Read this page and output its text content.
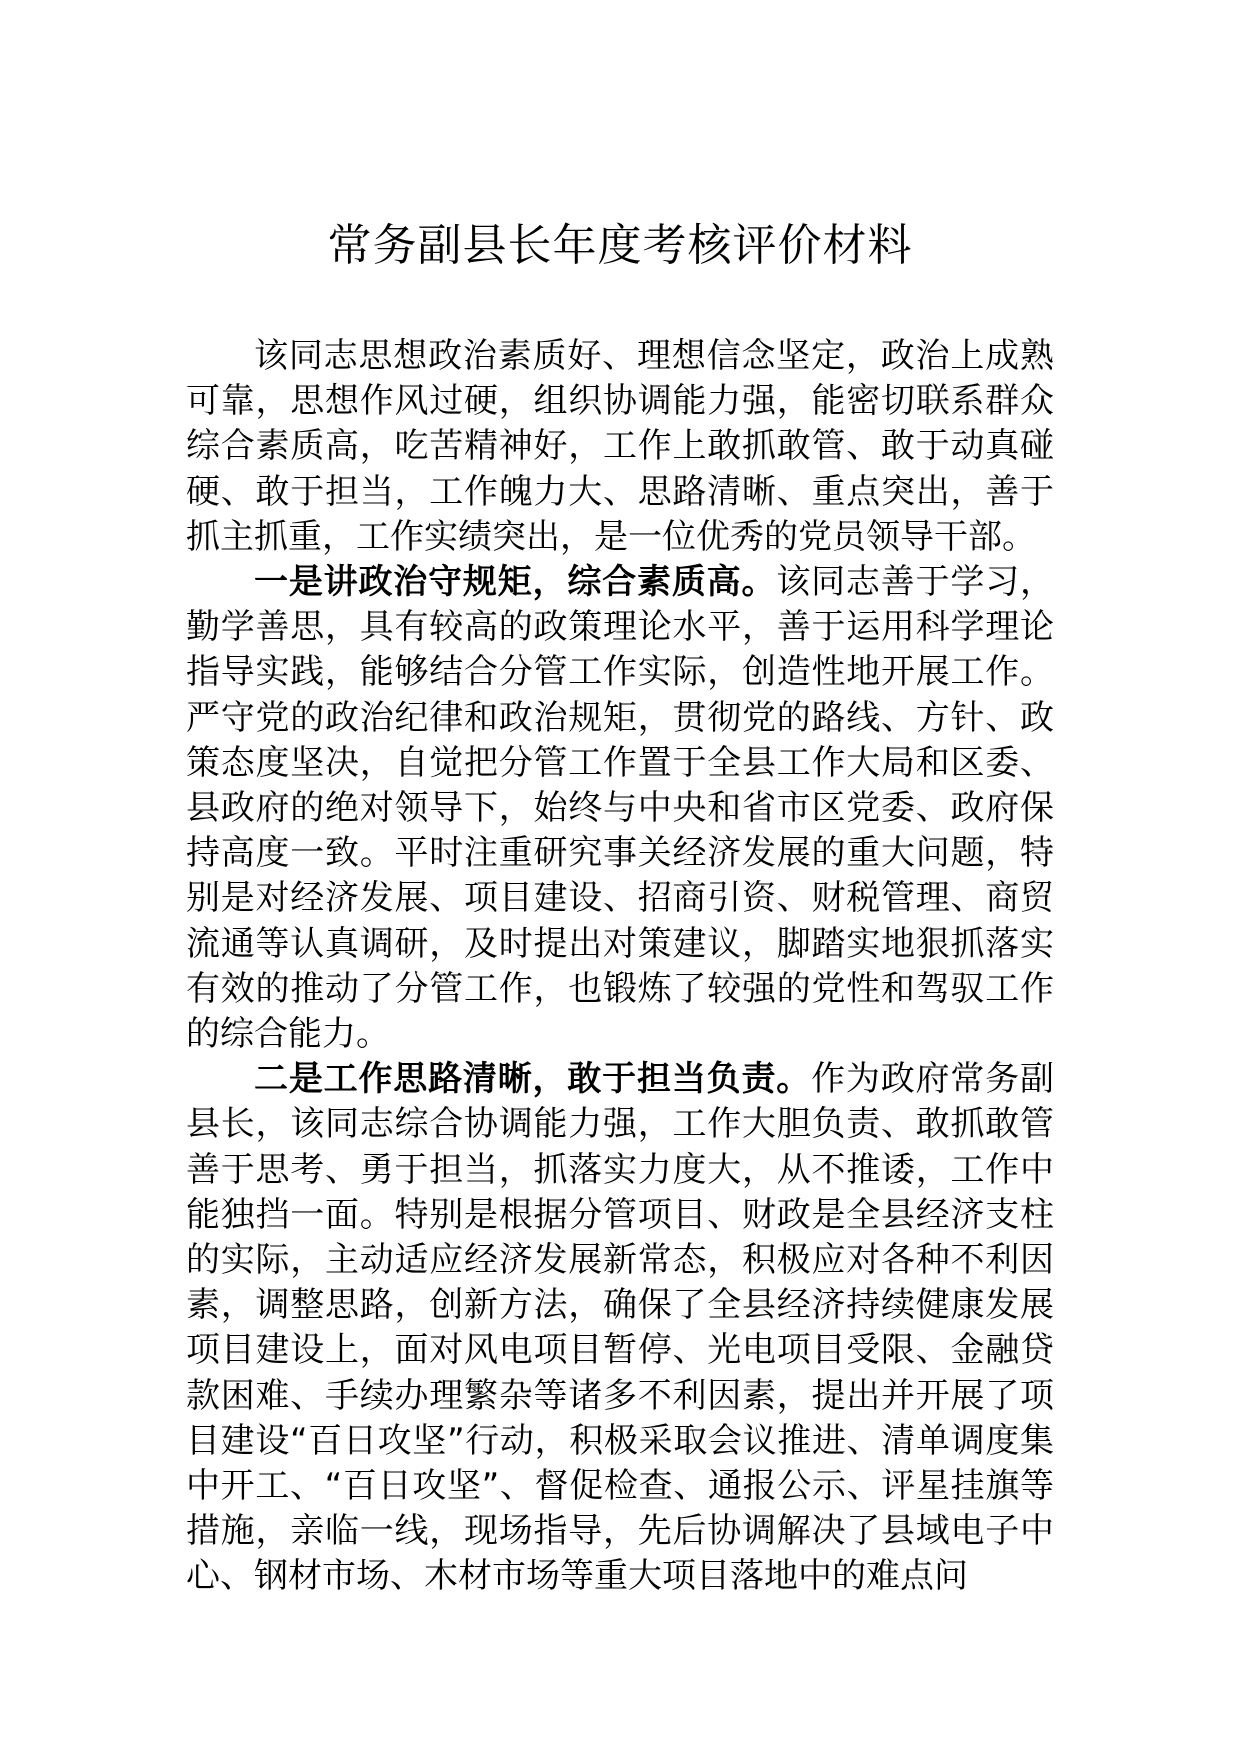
常务副县长年度考核评价材料

该同志思想政治素质好、理想信念坚定，政治上成熟可靠，思想作风过硬，组织协调能力强，能密切联系群众综合素质高，吃苦精神好，工作上敢抓敢管、敢于动真碰硬、敢于担当，工作魄力大、思路清晰、重点突出，善于抓主抓重，工作实绩突出，是一位优秀的党员领导干部。

一是讲政治守规矩，综合素质高。该同志善于学习，勤学善思，具有较高的政策理论水平，善于运用科学理论指导实践，能够结合分管工作实际，创造性地开展工作。严守党的政治纪律和政治规矩，贯彻党的路线、方针、政策态度坚决，自觉把分管工作置于全县工作大局和区委、县政府的绝对领导下，始终与中央和省市区党委、政府保持高度一致。平时注重研究事关经济发展的重大问题，特别是对经济发展、项目建设、招商引资、财税管理、商贸流通等认真调研，及时提出对策建议，脚踏实地狠抓落实有效的推动了分管工作，也锻炼了较强的党性和驾驭工作的综合能力。

二是工作思路清晰，敢于担当负责。作为政府常务副县长，该同志综合协调能力强，工作大胆负责、敢抓敢管善于思考、勇于担当，抓落实力度大，从不推诿，工作中能独挡一面。特别是根据分管项目、财政是全县经济支柱的实际，主动适应经济发展新常态，积极应对各种不利因素，调整思路，创新方法，确保了全县经济持续健康发展项目建设上，面对风电项目暂停、光电项目受限、金融贷款困难、手续办理繁杂等诸多不利因素，提出并开展了项目建设“百日攻坚”行动，积极采取会议推进、清单调度集中开工、“百日攻坚”、督促检查、通报公示、评星挂旗等措施，亲临一线，现场指导，先后协调解决了县域电子中心、钢材市场、木材市场等重大项目落地中的难点问
